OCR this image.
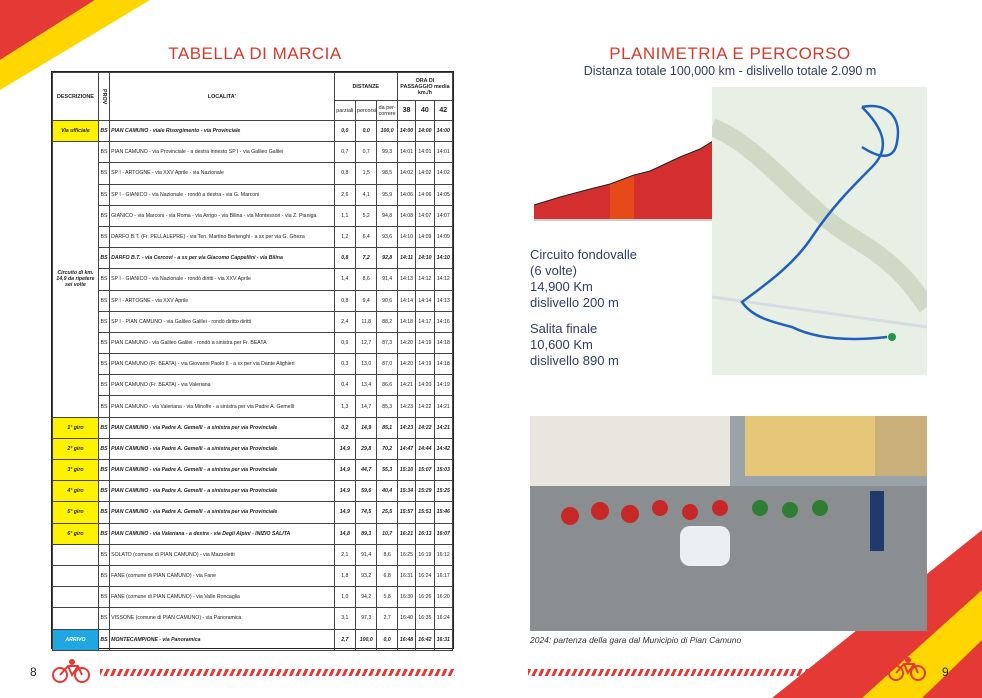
TABELLA DI MARCIA
DESCRIZIONE	PROV	LOCALITA'	DISTANZE			ORA DI PASSAGGIO media km./h		
			parziali	percorsi	da per-correre	38	40	42
Via ufficiale	BS	PIAN CAMUNO - viale Risorgimento - via Provinciale	0,0	0,0	100,0	14:00	14:00	14:00
Circuito di km. 14,9 da ripetere sei volte	BS	PIAN CAMUNO - via Provinciale - a destra innesto SP I - via Galileo Galilei	0,7	0,7	99,3	14:01	14:01	14:01
	BS	SP I - ARTOGNE - via XXV Aprile - via Nazionale	0,8	1,5	98,5	14:02	14:02	14:02
	BS	SP I - GIANICO - via Nazionale - rondò a destra - via G. Marconi	2,6	4,1	95,9	14:06	14:06	14:05
	BS	GIANICO - via Marconi - via Roma - via Arrigo - via Bilina - via Montessori - via Z. Pianiga	1,1	5,2	94,8	14:08	14:07	14:07
	BS	DARFO B.T. (Fr. PELLALEPRE) - via Ten. Martino Bertenghi - a sx per via G. Gheza	1,2	6,4	93,6	14:10	14:09	14:09
	BS	DARFO B.T. - via Cercovi - a sx per via Giacomo Cappellini - via Bilina	0,8	7,2	92,8	14:11	14:10	14:10
	BS	SP I - GIANICO - via Nazionale - rondò diritti - via XXV Aprile	1,4	8,6	91,4	14:13	14:12	14:12
	BS	SP I - ARTOGNE - via XXV Aprile	0,8	9,4	90,6	14:14	14:14	14:13
	BS	SP I - PIAN CAMUNO - via Galileo Galilei - rondò diritto diritti	2,4	11,8	88,2	14:18	14:17	14:16
	BS	PIAN CAMUNO - via Galileo Galilei - rondò a sinistra per Fr. BEATA	0,9	12,7	87,3	14:20	14:19	14:18
	BS	PIAN CAMUNO (Fr. BEATA) - via Giovanni Paolo II - a sx per via Dante Alighieri	0,3	13,0	87,0	14:20	14:19	14:18
	BS	PIAN CAMUNO (Fr. BEATA) - via Valeriana	0,4	13,4	86,6	14:21	14:20	14:19
	BS	PIAN CAMUNO - via Valeriana - via Minolfe - a sinistra per via Padre A. Gemelli	1,3	14,7	85,3	14:23	14:22	14:21
1° giro	BS	PIAN CAMUNO - via Padre A. Gemelli - a sinistra per via Provinciale	0,2	14,9	85,1	14:23	14:22	14:21
2° giro	BS	PIAN CAMUNO - via Padre A. Gemelli - a sinistra per via Provinciale	14,9	29,8	70,2	14:47	14:44	14:42
3° giro	BS	PIAN CAMUNO - via Padre A. Gemelli - a sinistra per via Provinciale	14,9	44,7	55,3	15:10	15:07	15:03
4° giro	BS	PIAN CAMUNO - via Padre A. Gemelli - a sinistra per via Provinciale	14,9	59,6	40,4	15:34	15:29	15:25
5° giro	BS	PIAN CAMUNO - via Padre A. Gemelli - a sinistra per via Provinciale	14,9	74,5	25,5	15:57	15:51	15:46
6° giro	BS	PIAN CAMUNO - via Valeriana - a destra - via Degli Alpini - INIZIO SALITA	14,8	89,3	10,7	16:21	16:13	16:07
	BS	SOLATO (comune di PIAN CAMUNO) - via Mazzoletti	2,1	91,4	8,6	16:25	16:19	16:12
	BS	FANE (comune di PIAN CAMUNO) - via Fane	1,8	93,2	6,8	16:31	16:24	16:17
	BS	FANE (comune di PIAN CAMUNO) - via Valle Roncaglia	1,0	94,2	5,8	16:30	16:26	16:20
	BS	VISSONE (comune di PIAN CAMUNO) - via Panoramica	3,1	97,3	2,7	16:40	16:35	16:24
ARRIVO	BS	MONTECAMPIONE - via Panoramica	2,7	100,0	0,0	16:48	16:42	16:31
8
PLANIMETRIA E PERCORSO
Distanza totale 100,000 km - dislivello totale 2.090 m
Circuito fondovalle
(6 volte)
14,900 Km
dislivello 200 m
Salita finale
10,600 Km
dislivello 890 m
2024: partenza della gara dal Municipio di Pian Camuno
9
